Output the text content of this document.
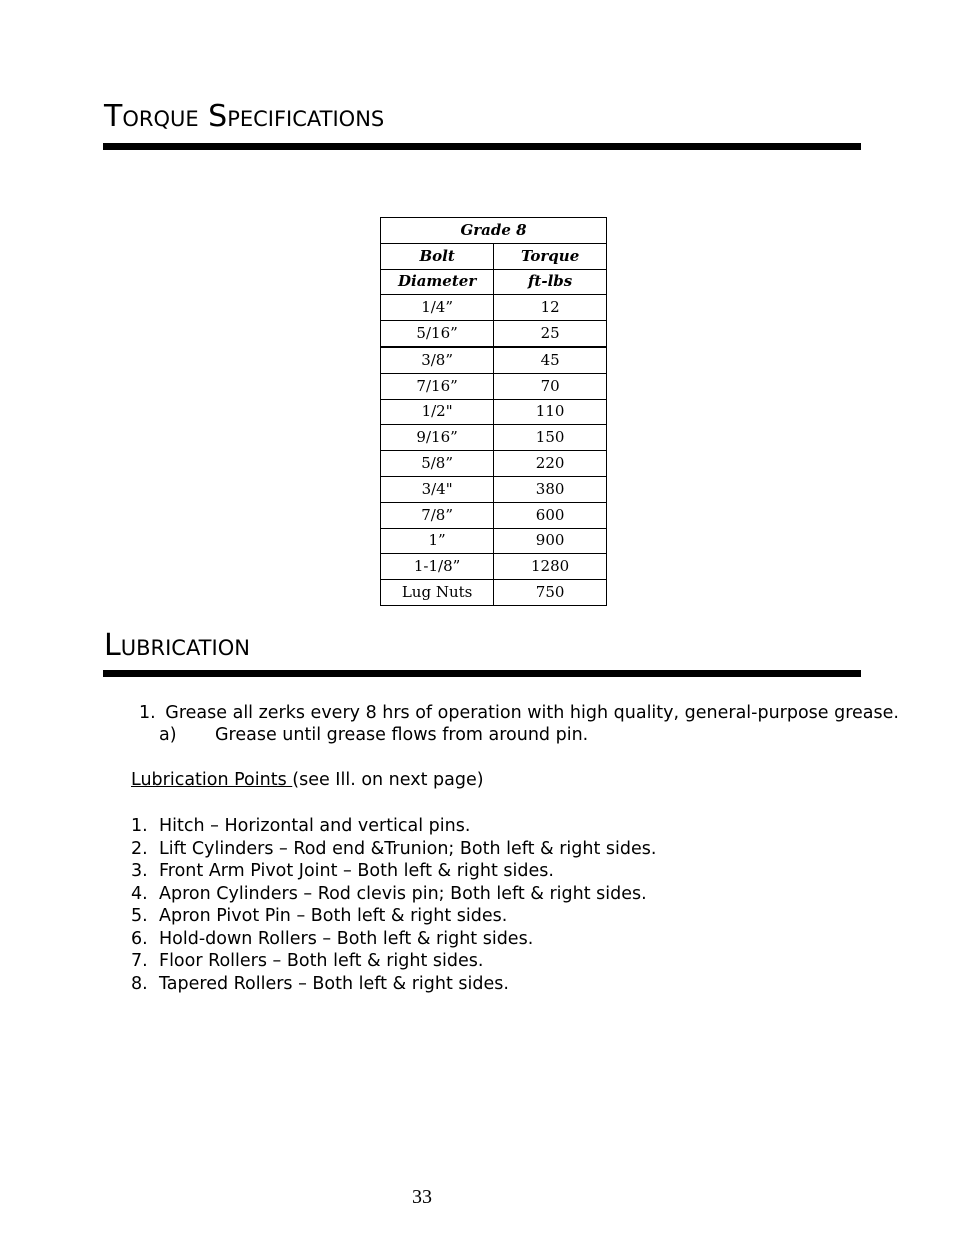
Torque Specifications
Grade 8	
Bolt	Torque
Diameter	ft-lbs
1/4”	12
5/16”	25
3/8”	45
7/16”	70
1/2"	110
9/16”	150
5/8”	220
3/4"	380
7/8”	600
1”	900
1-1/8”	1280
Lug Nuts	750
Lubrication
1. Grease all zerks every 8 hrs of operation with high quality, general-purpose grease.
a) Grease until grease flows from around pin.
Lubrication Points (see Ill. on next page)
1. Hitch – Horizontal and vertical pins.
2. Lift Cylinders – Rod end &Trunion; Both left & right sides.
3. Front Arm Pivot Joint – Both left & right sides.
4. Apron Cylinders – Rod clevis pin; Both left & right sides.
5. Apron Pivot Pin – Both left & right sides.
6. Hold-down Rollers – Both left & right sides.
7. Floor Rollers – Both left & right sides.
8. Tapered Rollers – Both left & right sides.
33
